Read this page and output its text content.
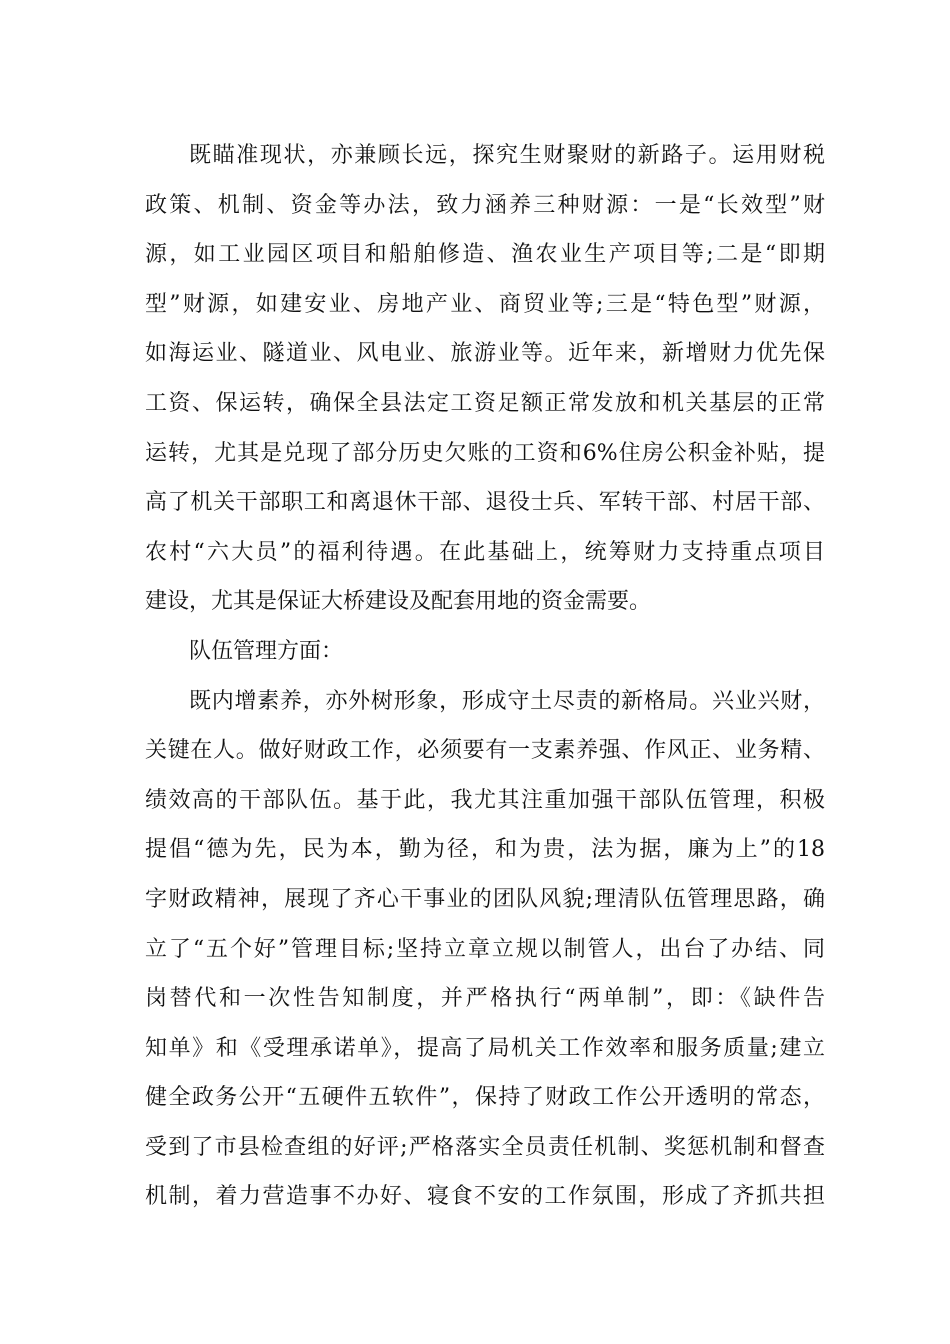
既瞄准现状，亦兼顾长远，探究生财聚财的新路子。运用财税
政策、机制、资金等办法，致力涵养三种财源：一是“长效型”财
源，如工业园区项目和船舶修造、渔农业生产项目等;二是“即期
型”财源，如建安业、房地产业、商贸业等;三是“特色型”财源，
如海运业、隧道业、风电业、旅游业等。近年来，新增财力优先保
工资、保运转，确保全县法定工资足额正常发放和机关基层的正常
运转，尤其是兑现了部分历史欠账的工资和6%住房公积金补贴，提
高了机关干部职工和离退休干部、退役士兵、军转干部、村居干部、
农村“六大员”的福利待遇。在此基础上，统筹财力支持重点项目
建设，尤其是保证大桥建设及配套用地的资金需要。
队伍管理方面：
既内增素养，亦外树形象，形成守土尽责的新格局。兴业兴财，
关键在人。做好财政工作，必须要有一支素养强、作风正、业务精、
绩效高的干部队伍。基于此，我尤其注重加强干部队伍管理，积极
提倡“德为先，民为本，勤为径，和为贵，法为据，廉为上”的18
字财政精神，展现了齐心干事业的团队风貌;理清队伍管理思路，确
立了“五个好”管理目标;坚持立章立规以制管人，出台了办结、同
岗替代和一次性告知制度，并严格执行“两单制”，即：《缺件告
知单》和《受理承诺单》，提高了局机关工作效率和服务质量;建立
健全政务公开“五硬件五软件”，保持了财政工作公开透明的常态，
受到了市县检查组的好评;严格落实全员责任机制、奖惩机制和督查
机制，着力营造事不办好、寝食不安的工作氛围，形成了齐抓共担
